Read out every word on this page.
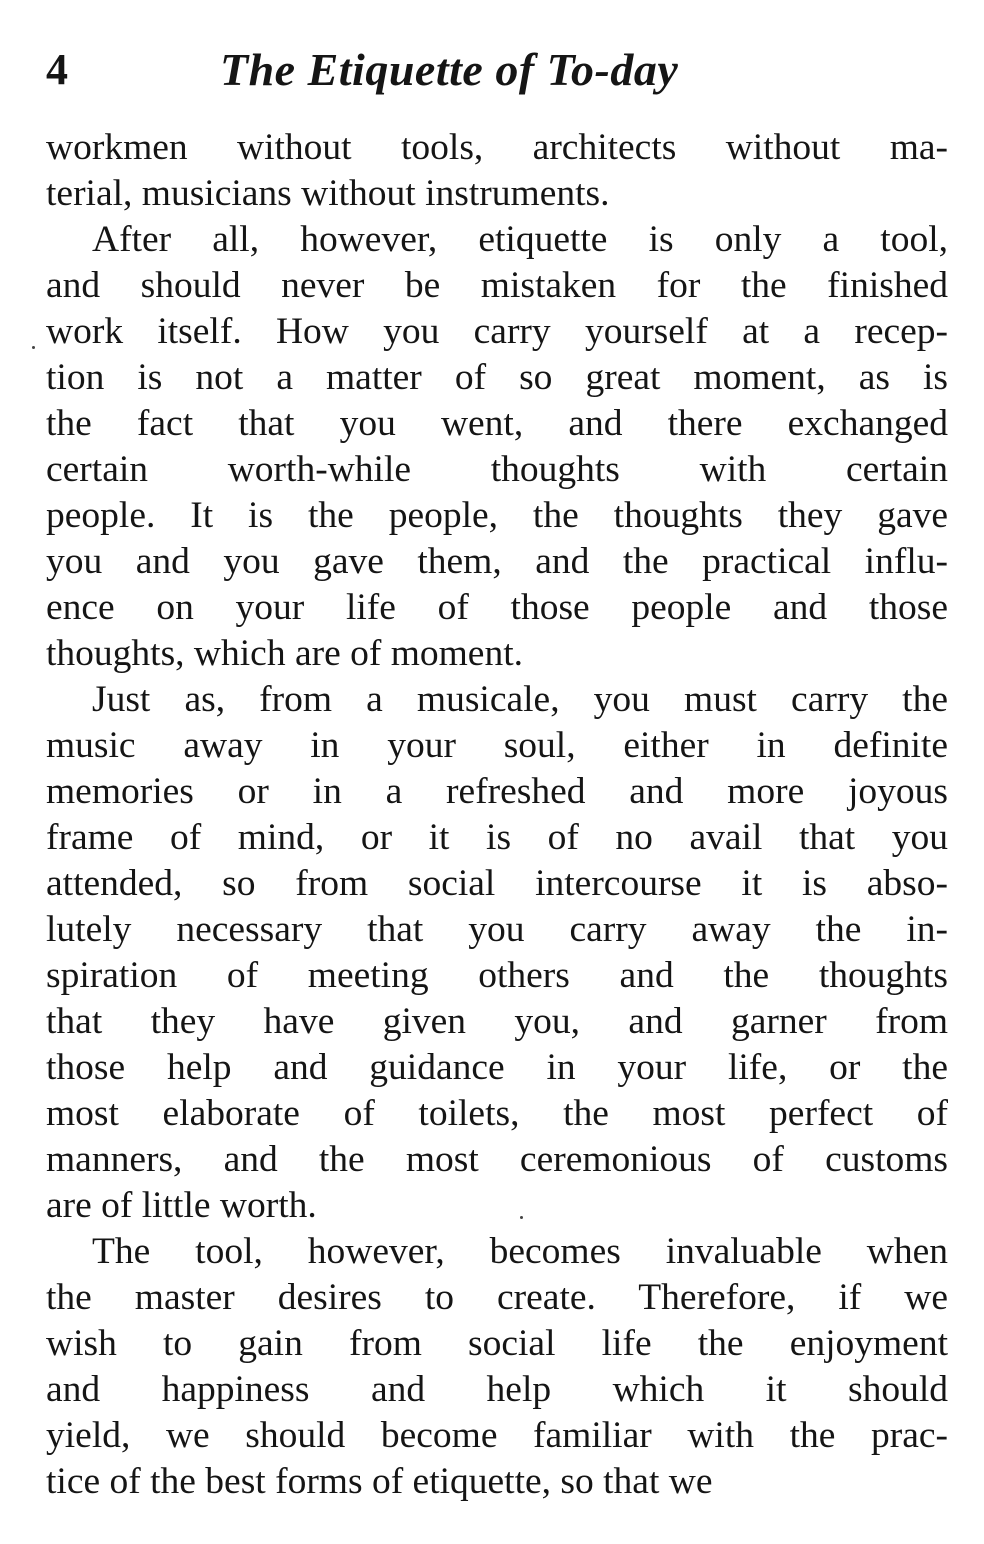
4	The Etiquette of To-day
workmen without tools, architects without ma-
terial, musicians without instruments.
After all, however, etiquette is only a tool,
and should never be mistaken for the finished
work itself. How you carry yourself at a recep-
tion is not a matter of so great moment, as is
the fact that you went, and there exchanged
certain worth-while thoughts with certain
people. It is the people, the thoughts they gave
you and you gave them, and the practical influ-
ence on your life of those people and those
thoughts, which are of moment.
Just as, from a musicale, you must carry the
music away in your soul, either in definite
memories or in a refreshed and more joyous
frame of mind, or it is of no avail that you
attended, so from social intercourse it is abso-
lutely necessary that you carry away the in-
spiration of meeting others and the thoughts
that they have given you, and garner from
those help and guidance in your life, or the
most elaborate of toilets, the most perfect of
manners, and the most ceremonious of customs
are of little worth.
The tool, however, becomes invaluable when
the master desires to create. Therefore, if we
wish to gain from social life the enjoyment
and happiness and help which it should
yield, we should become familiar with the prac-
tice of the best forms of etiquette, so that we
